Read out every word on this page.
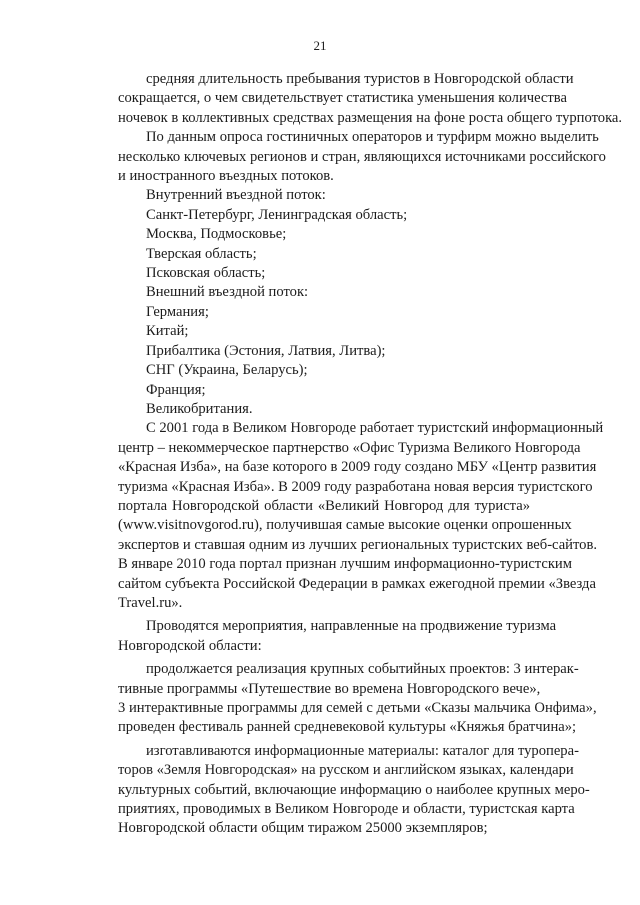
21
средняя длительность пребывания туристов в Новгородской области
сокращается, о чем свидетельствует статистика уменьшения количества
ночевок в коллективных средствах размещения на фоне роста общего турпотока.
По данным опроса гостиничных операторов и турфирм можно выделить
несколько ключевых регионов и стран, являющихся источниками российского
и иностранного въездных потоков.
Внутренний въездной поток:
Санкт-Петербург, Ленинградская область;
Москва, Подмосковье;
Тверская область;
Псковская область;
Внешний въездной поток:
Германия;
Китай;
Прибалтика (Эстония, Латвия, Литва);
СНГ (Украина, Беларусь);
Франция;
Великобритания.
С 2001 года в Великом Новгороде работает туристский информационный
центр – некоммерческое партнерство «Офис Туризма Великого Новгорода
«Красная Изба», на базе которого в 2009 году создано МБУ «Центр развития
туризма «Красная Изба». В 2009 году разработана новая версия туристского
портала Новгородской области «Великий Новгород для туриста»
(www.visitnovgorod.ru), получившая самые высокие оценки опрошенных
экспертов и ставшая одним из лучших региональных туристских веб-сайтов.
В январе 2010 года портал признан лучшим информационно-туристским
сайтом субъекта Российской Федерации в рамках ежегодной премии «Звезда
Travel.ru».
Проводятся мероприятия, направленные на продвижение туризма
Новгородской области:
продолжается реализация крупных событийных проектов: 3 интерак-
тивные программы «Путешествие во времена Новгородского вече»,
3 интерактивные программы для семей с детьми «Сказы мальчика Онфима»,
проведен фестиваль ранней средневековой культуры «Княжья братчина»;
изготавливаются информационные материалы: каталог для туропера-
торов «Земля Новгородская» на русском и английском языках, календари
культурных событий, включающие информацию о наиболее крупных меро-
приятиях, проводимых в Великом Новгороде и области, туристская карта
Новгородской области общим тиражом 25000 экземпляров;
